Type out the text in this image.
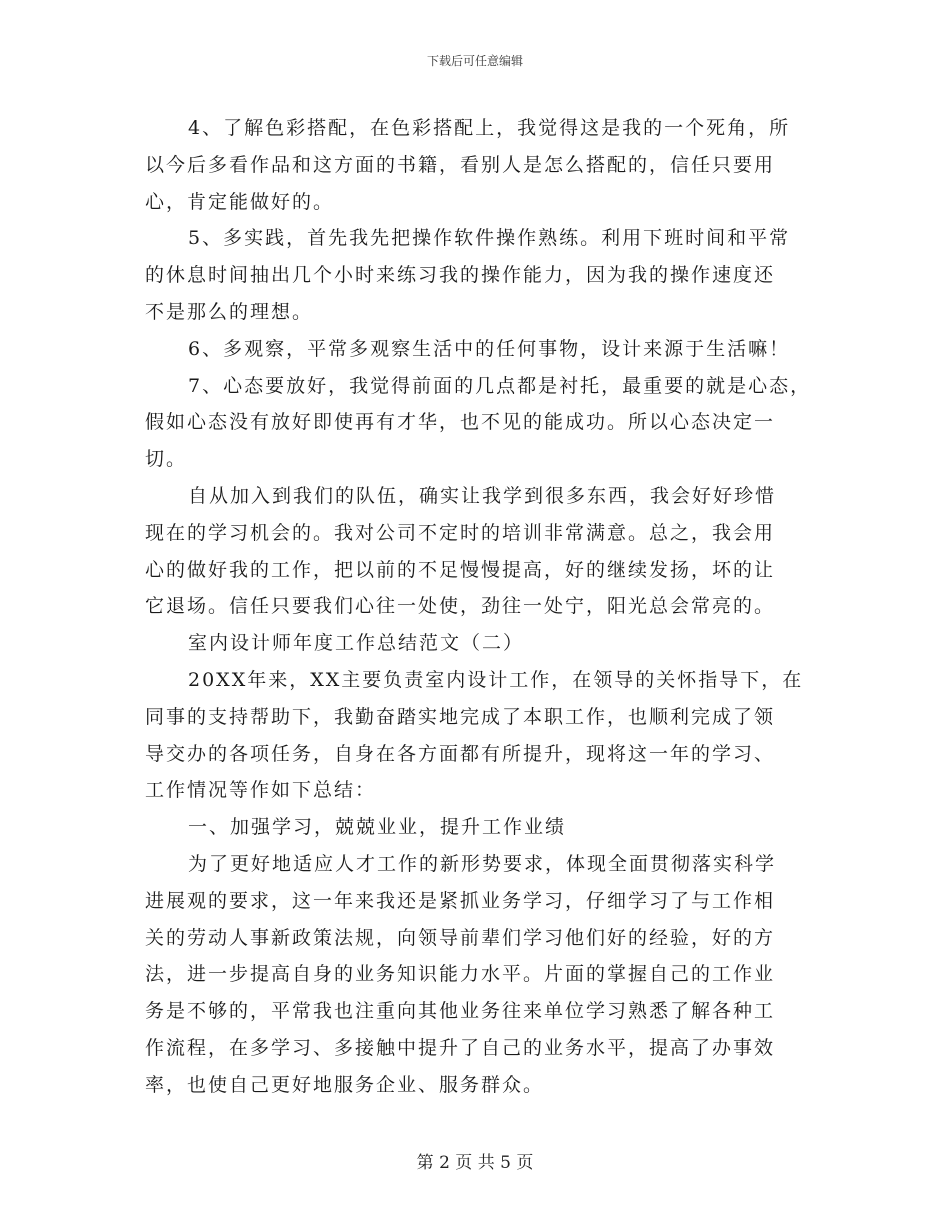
下载后可任意编辑
4、了解色彩搭配，在色彩搭配上，我觉得这是我的一个死角，所
以今后多看作品和这方面的书籍，看别人是怎么搭配的，信任只要用
心，肯定能做好的。
5、多实践，首先我先把操作软件操作熟练。利用下班时间和平常
的休息时间抽出几个小时来练习我的操作能力，因为我的操作速度还
不是那么的理想。
6、多观察，平常多观察生活中的任何事物，设计来源于生活嘛！
7、心态要放好，我觉得前面的几点都是衬托，最重要的就是心态，
假如心态没有放好即使再有才华，也不见的能成功。所以心态决定一
切。
自从加入到我们的队伍，确实让我学到很多东西，我会好好珍惜
现在的学习机会的。我对公司不定时的培训非常满意。总之，我会用
心的做好我的工作，把以前的不足慢慢提高，好的继续发扬，坏的让
它退场。信任只要我们心往一处使，劲往一处宁，阳光总会常亮的。
室内设计师年度工作总结范文（二）
20XX年来，XX主要负责室内设计工作，在领导的关怀指导下，在
同事的支持帮助下，我勤奋踏实地完成了本职工作，也顺利完成了领
导交办的各项任务，自身在各方面都有所提升，现将这一年的学习、
工作情况等作如下总结：
一、加强学习，兢兢业业，提升工作业绩
为了更好地适应人才工作的新形势要求，体现全面贯彻落实科学
进展观的要求，这一年来我还是紧抓业务学习，仔细学习了与工作相
关的劳动人事新政策法规，向领导前辈们学习他们好的经验，好的方
法，进一步提高自身的业务知识能力水平。片面的掌握自己的工作业
务是不够的，平常我也注重向其他业务往来单位学习熟悉了解各种工
作流程，在多学习、多接触中提升了自己的业务水平，提高了办事效
率，也使自己更好地服务企业、服务群众。
第 2 页 共 5 页
